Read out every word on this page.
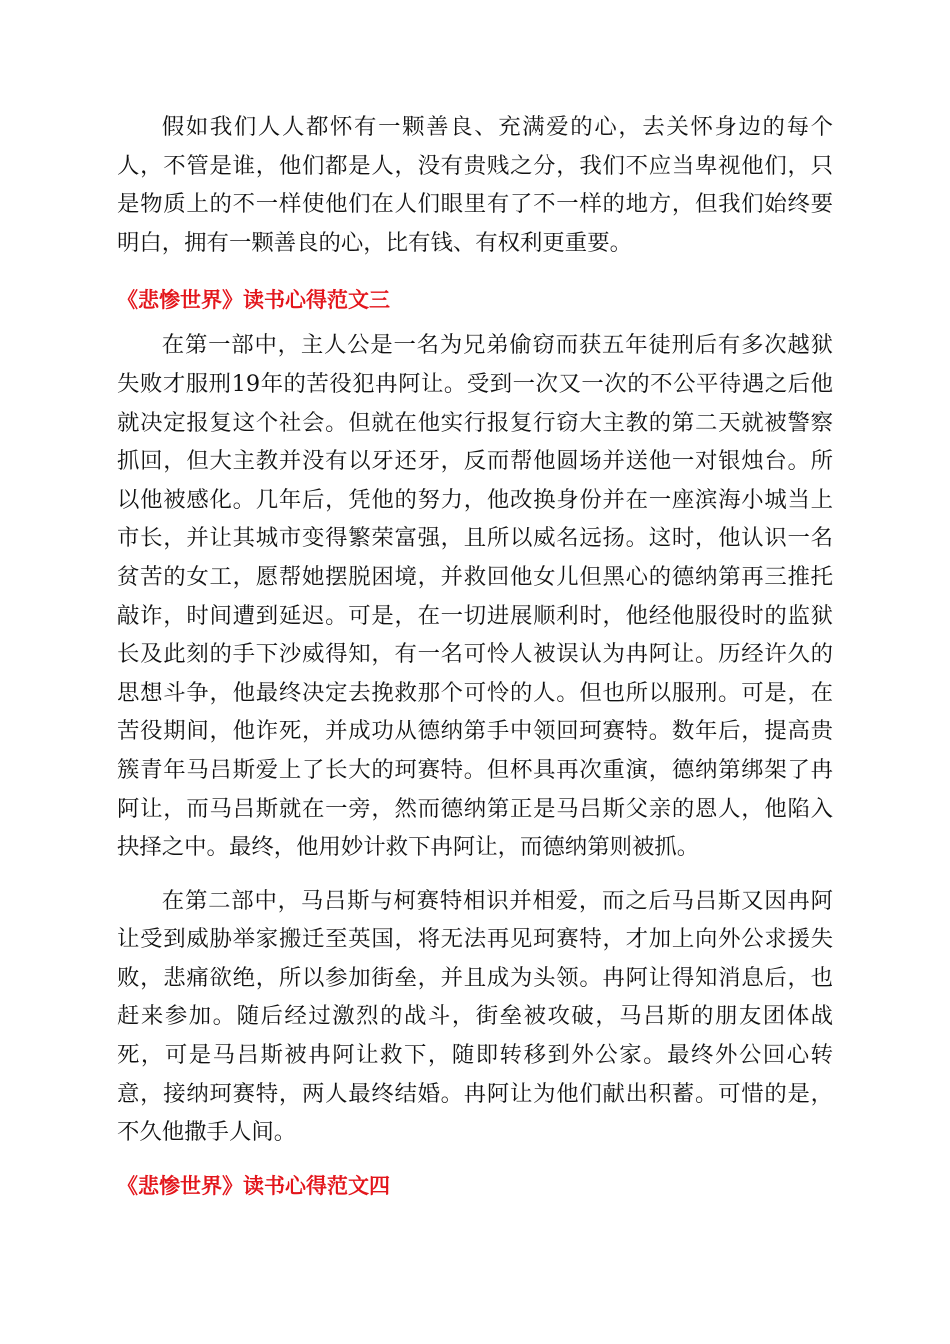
假如我们人人都怀有一颗善良、充满爱的心，去关怀身边的每个人，不管是谁，他们都是人，没有贵贱之分，我们不应当卑视他们，只是物质上的不一样使他们在人们眼里有了不一样的地方，但我们始终要明白，拥有一颗善良的心，比有钱、有权利更重要。

《悲惨世界》读书心得范文三

在第一部中，主人公是一名为兄弟偷窃而获五年徒刑后有多次越狱失败才服刑19年的苦役犯冉阿让。受到一次又一次的不公平待遇之后他就决定报复这个社会。但就在他实行报复行窃大主教的第二天就被警察抓回，但大主教并没有以牙还牙，反而帮他圆场并送他一对银烛台。所以他被感化。几年后，凭他的努力，他改换身份并在一座滨海小城当上市长，并让其城市变得繁荣富强，且所以威名远扬。这时，他认识一名贫苦的女工，愿帮她摆脱困境，并救回他女儿但黑心的德纳第再三推托敲诈，时间遭到延迟。可是，在一切进展顺利时，他经他服役时的监狱长及此刻的手下沙威得知，有一名可怜人被误认为冉阿让。历经许久的思想斗争，他最终决定去挽救那个可怜的人。但也所以服刑。可是，在苦役期间，他诈死，并成功从德纳第手中领回珂赛特。数年后，提高贵簇青年马吕斯爱上了长大的珂赛特。但杯具再次重演，德纳第绑架了冉阿让，而马吕斯就在一旁，然而德纳第正是马吕斯父亲的恩人，他陷入抉择之中。最终，他用妙计救下冉阿让，而德纳第则被抓。

在第二部中，马吕斯与柯赛特相识并相爱，而之后马吕斯又因冉阿让受到威胁举家搬迁至英国，将无法再见珂赛特，才加上向外公求援失败，悲痛欲绝，所以参加街垒，并且成为头领。冉阿让得知消息后，也赶来参加。随后经过激烈的战斗，街垒被攻破，马吕斯的朋友团体战死，可是马吕斯被冉阿让救下，随即转移到外公家。最终外公回心转意，接纳珂赛特，两人最终结婚。冉阿让为他们献出积蓄。可惜的是，不久他撒手人间。

《悲惨世界》读书心得范文四
